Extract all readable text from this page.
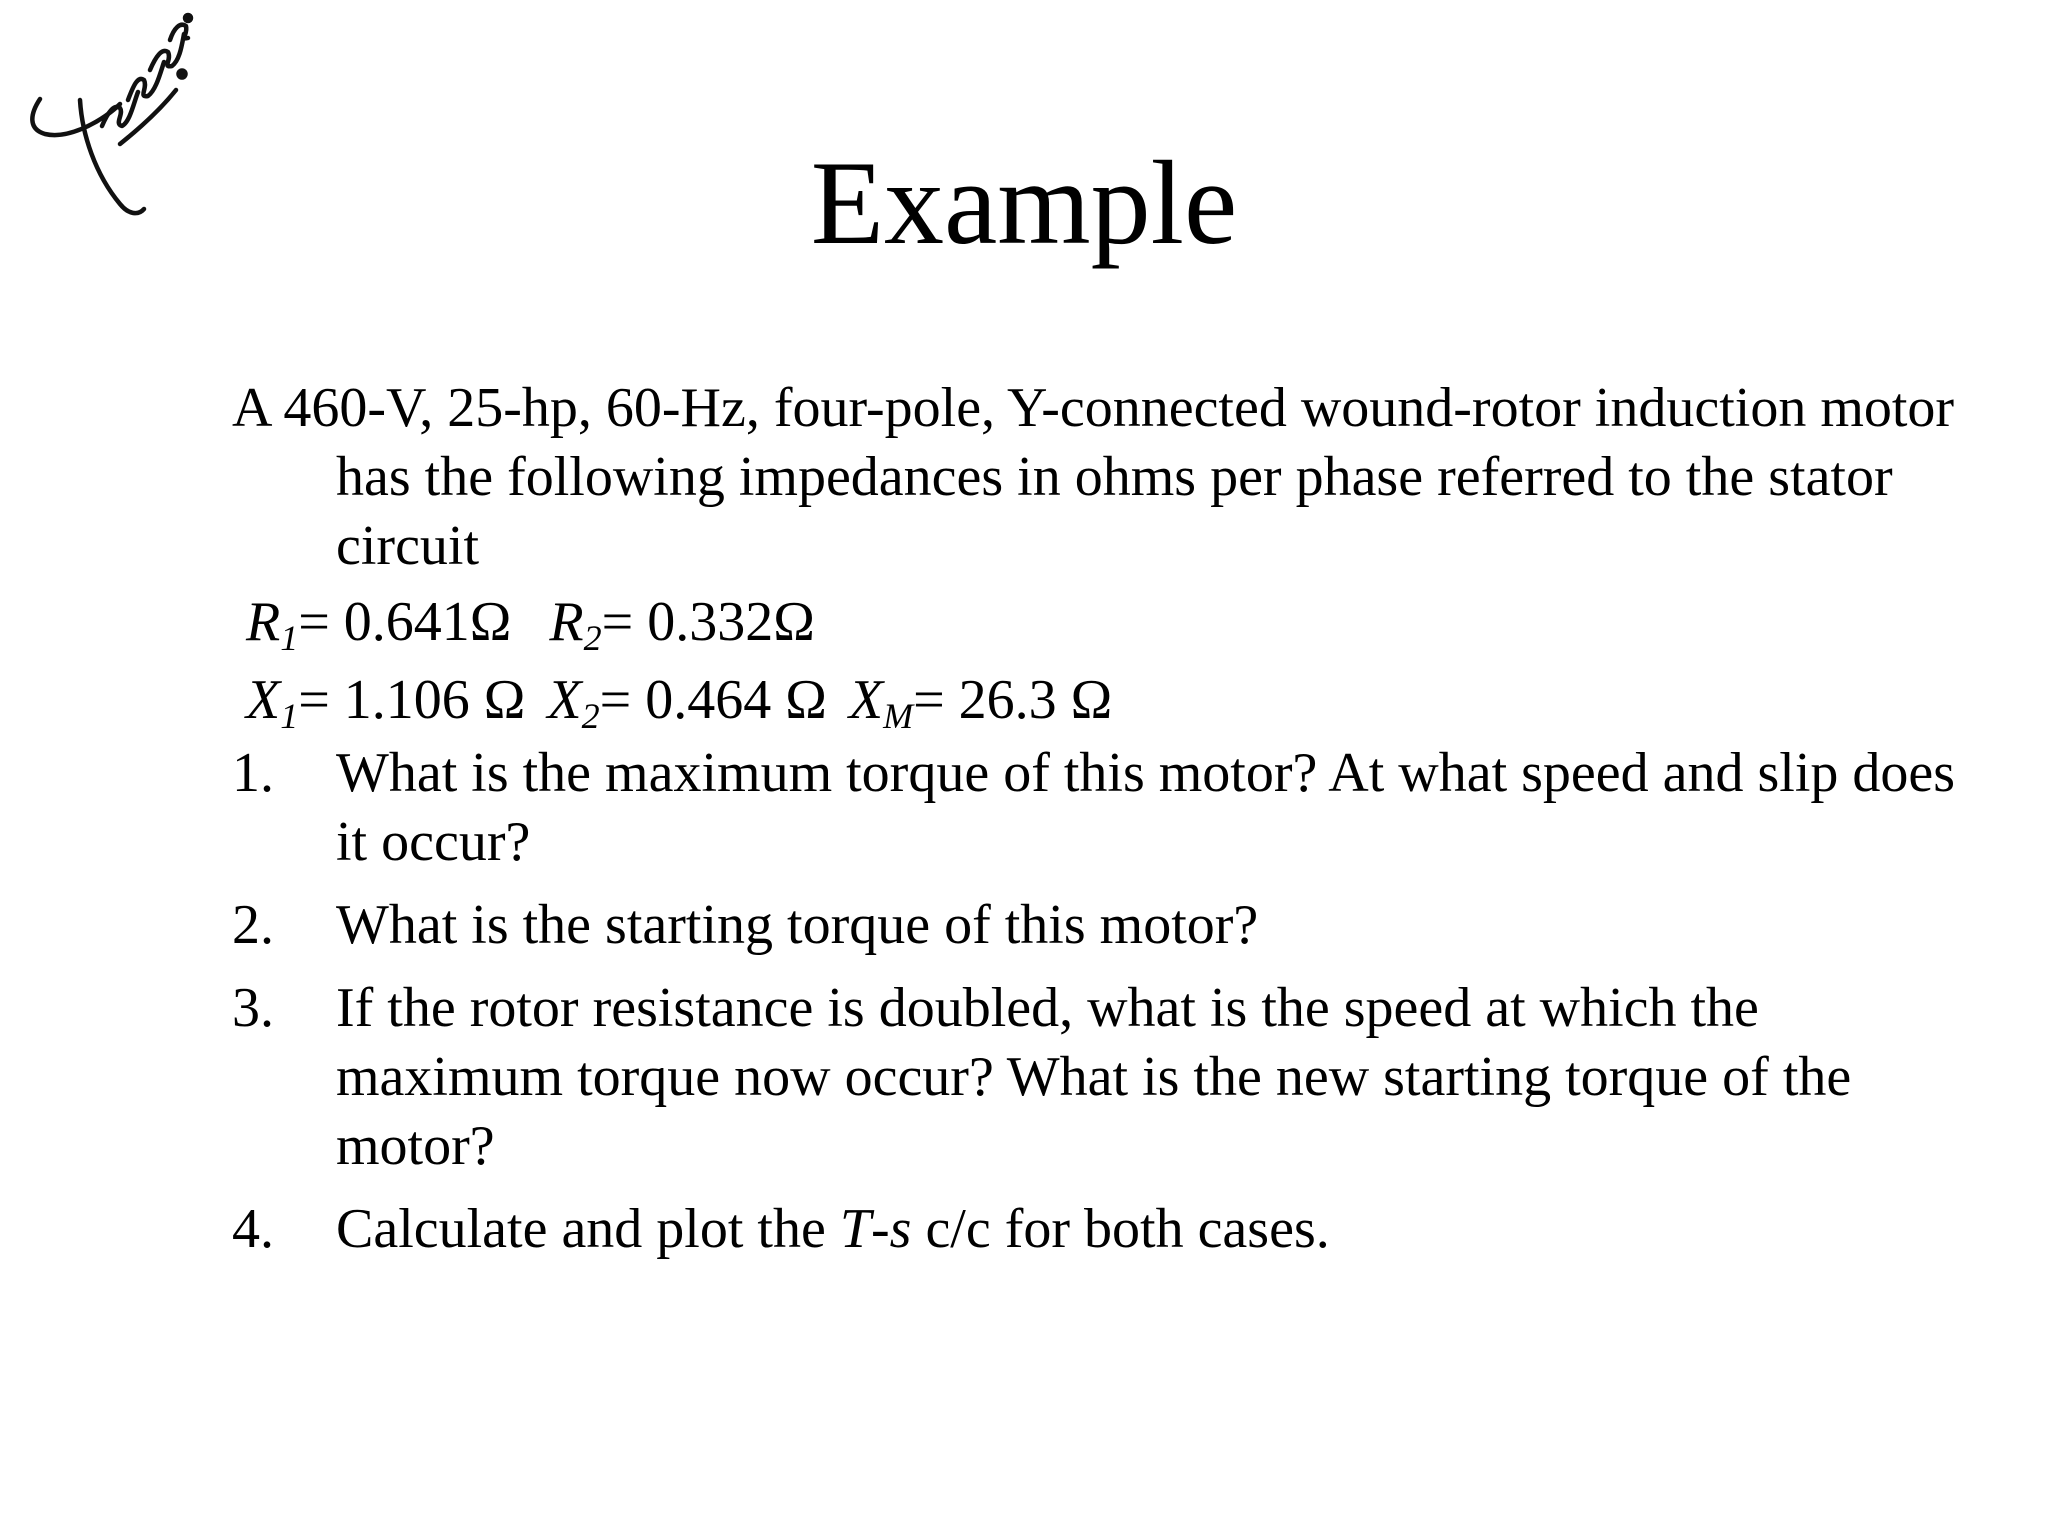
Example

A 460-V, 25-hp, 60-Hz, four-pole, Y-connected wound-rotor induction motor has the following impedances in ohms per phase referred to the stator circuit

$R_1= 0.641\Omega$ $R_2= 0.332\Omega$

$X_1= 1.106$ Ω $X_2= 0.464$ Ω $X_M= 26.3$ Ω

1. What is the maximum torque of this motor? At what speed and slip does it occur?
2. What is the starting torque of this motor?
3. If the rotor resistance is doubled, what is the speed at which the maximum torque now occur? What is the new starting torque of the motor?
4. Calculate and plot the T-s c/c for both cases.
